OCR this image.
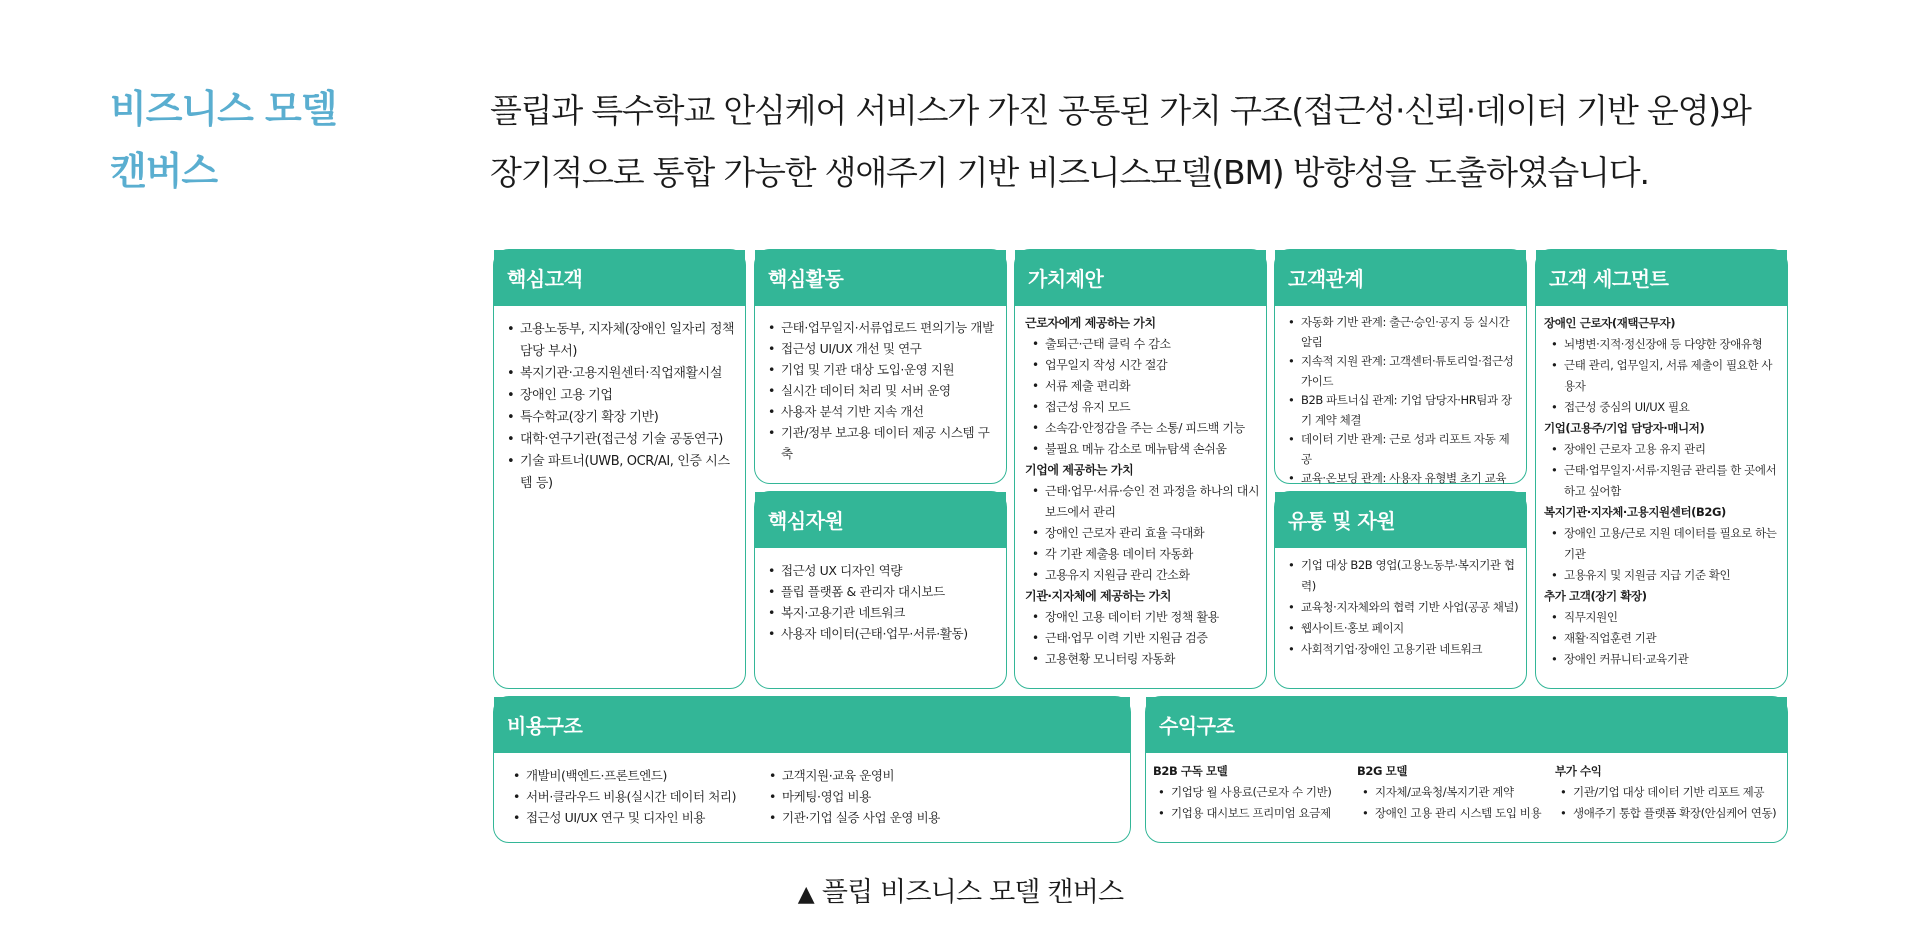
비즈니스 모델
캔버스
플립과 특수학교 안심케어 서비스가 가진 공통된 가치 구조(접근성·신뢰·데이터 기반 운영)와
장기적으로 통합 가능한 생애주기 기반 비즈니스모델(BM) 방향성을 도출하였습니다.
핵심고객
• 고용노동부, 지자체(장애인 일자리 정책 담당 부서)
• 복지기관·고용지원센터·직업재활시설
• 장애인 고용 기업
• 특수학교(장기 확장 기반)
• 대학·연구기관(접근성 기술 공동연구)
• 기술 파트너(UWB, OCR/AI, 인증 시스템 등)
핵심활동
• 근태·업무일지·서류업로드 편의기능 개발
• 접근성 UI/UX 개선 및 연구
• 기업 및 기관 대상 도입·운영 지원
• 실시간 데이터 처리 및 서버 운영
• 사용자 분석 기반 지속 개선
• 기관/정부 보고용 데이터 제공 시스템 구축
핵심자원
• 접근성 UX 디자인 역량
• 플립 플랫폼 & 관리자 대시보드
• 복지·고용기관 네트워크
• 사용자 데이터(근태·업무·서류·활동)
가치제안

근로자에게 제공하는 가치

• 출퇴근·근태 클릭 수 감소
• 업무일지 작성 시간 절감
• 서류 제출 편리화
• 접근성 유지 모드
• 소속감·안정감을 주는 소통/ 피드백 기능
• 불필요 메뉴 감소로 메뉴탐색 손쉬움

기업에 제공하는 가치

• 근태·업무·서류·승인 전 과정을 하나의 대시보드에서 관리
• 장애인 근로자 관리 효율 극대화
• 각 기관 제출용 데이터 자동화
• 고용유지 지원금 관리 간소화

기관·지자체에 제공하는 가치

• 장애인 고용 데이터 기반 정책 활용
• 근태·업무 이력 기반 지원금 검증
• 고용현황 모니터링 자동화
고객관계
• 자동화 기반 관계: 출근·승인·공지 등 실시간 알림
• 지속적 지원 관계: 고객센터·튜토리얼·접근성 가이드
• B2B 파트너십 관계: 기업 담당자·HR팀과 장기 계약 체결
• 데이터 기반 관계: 근로 성과 리포트 자동 제공
• 교육·온보딩 관계: 사용자 유형별 초기 교육
유통 및 자원
• 기업 대상 B2B 영업(고용노동부·복지기관 협력)
• 교육청·지자체와의 협력 기반 사업(공공 채널)
• 웹사이트·홍보 페이지
• 사회적기업·장애인 고용기관 네트워크
고객 세그먼트

장애인 근로자(재택근무자)

• 뇌병변·지적·정신장애 등 다양한 장애유형
• 근태 관리, 업무일지, 서류 제출이 필요한 사용자
• 접근성 중심의 UI/UX 필요

기업(고용주/기업 담당자·매니저)

• 장애인 근로자 고용 유지 관리
• 근태·업무일지·서류·지원금 관리를 한 곳에서 하고 싶어함

복지기관·지자체·고용지원센터(B2G)

• 장애인 고용/근로 지원 데이터를 필요로 하는 기관
• 고용유지 및 지원금 지급 기준 확인

추가 고객(장기 확장)

• 직무지원인
• 재활·직업훈련 기관
• 장애인 커뮤니티·교육기관
비용구조
• 개발비(백엔드·프론트엔드)
• 서버·클라우드 비용(실시간 데이터 처리)
• 접근성 UI/UX 연구 및 디자인 비용
• 고객지원·교육 운영비
• 마케팅·영업 비용
• 기관·기업 실증 사업 운영 비용
수익구조

B2B 구독 모델

• 기업당 월 사용료(근로자 수 기반)
• 기업용 대시보드 프리미엄 요금제

B2G 모델

• 지자체/교육청/복지기관 계약
• 장애인 고용 관리 시스템 도입 비용

부가 수익

• 기관/기업 대상 데이터 기반 리포트 제공
• 생애주기 통합 플랫폼 확장(안심케어 연동)
▲ 플립 비즈니스 모델 캔버스
